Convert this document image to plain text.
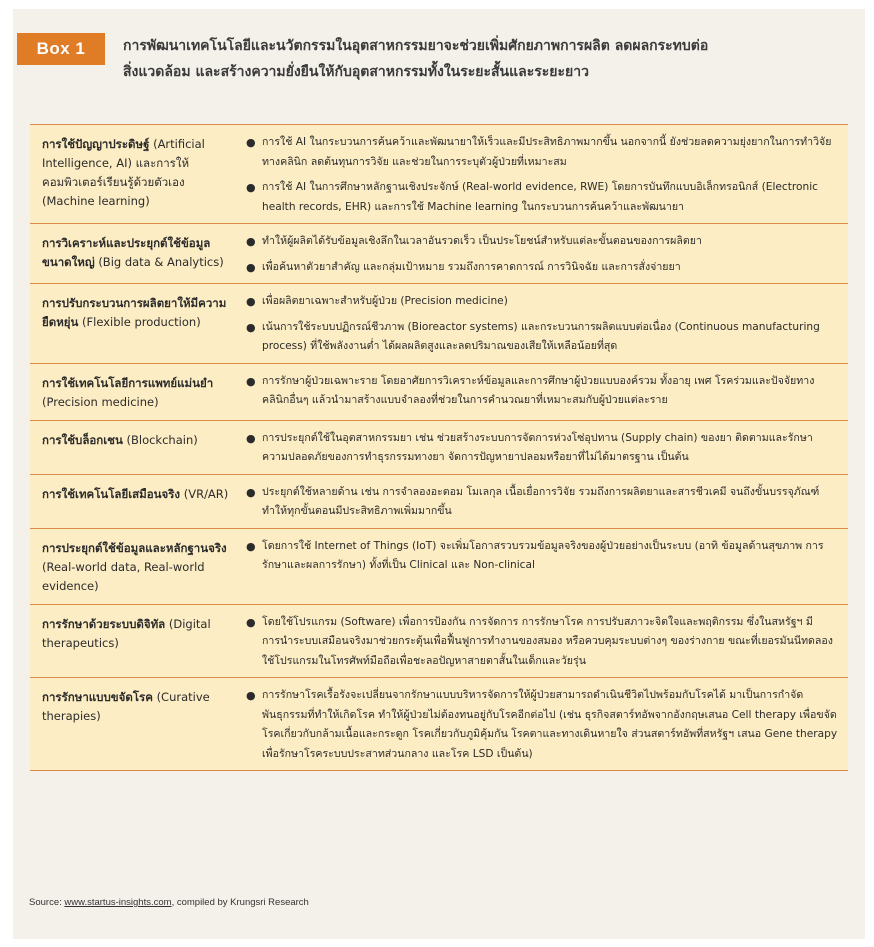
Box 1	การพัฒนาเทคโนโลยีและนวัตกรรมในอุตสาหกรรมยาจะช่วยเพิ่มศักยภาพการผลิต ลดผลกระทบต่อ
สิ่งแวดล้อม และสร้างความยั่งยืนให้กับอุตสาหกรรมทั้งในระยะสั้นและระยะยาว
การใช้ปัญญาประดิษฐ์ (Artificial Intelligence, AI) และการให้คอมพิวเตอร์เรียนรู้ด้วยตัวเอง (Machine learning)
● การใช้ AI ในกระบวนการค้นคว้าและพัฒนายาให้เร็วและมีประสิทธิภาพมากขึ้น นอกจากนี้ ยังช่วยลดความยุ่งยากในการทำวิจัยทางคลินิก ลดต้นทุนการวิจัย และช่วยในการระบุตัวผู้ป่วยที่เหมาะสม
● การใช้ AI ในการศึกษาหลักฐานเชิงประจักษ์ (Real-world evidence, RWE) โดยการบันทึกแบบอิเล็กทรอนิกส์ (Electronic health records, EHR) และการใช้ Machine learning ในกระบวนการค้นคว้าและพัฒนายา
การวิเคราะห์และประยุกต์ใช้ข้อมูลขนาดใหญ่ (Big data & Analytics)
● ทำให้ผู้ผลิตได้รับข้อมูลเชิงลึกในเวลาอันรวดเร็ว เป็นประโยชน์สำหรับแต่ละขั้นตอนของการผลิตยา
● เพื่อค้นหาตัวยาสำคัญ และกลุ่มเป้าหมาย รวมถึงการคาดการณ์ การวินิจฉัย และการสั่งจ่ายยา
การปรับกระบวนการผลิตยาให้มีความยืดหยุ่น (Flexible production)
● เพื่อผลิตยาเฉพาะสำหรับผู้ป่วย (Precision medicine)
● เน้นการใช้ระบบปฏิกรณ์ชีวภาพ (Bioreactor systems) และกระบวนการผลิตแบบต่อเนื่อง (Continuous manufacturing process) ที่ใช้พลังงานต่ำ ได้ผลผลิตสูงและลดปริมาณของเสียให้เหลือน้อยที่สุด
การใช้เทคโนโลยีการแพทย์แม่นยำ (Precision medicine)
● การรักษาผู้ป่วยเฉพาะราย โดยอาศัยการวิเคราะห์ข้อมูลและการศึกษาผู้ป่วยแบบองค์รวม ทั้งอายุ เพศ โรคร่วมและปัจจัยทางคลินิกอื่นๆ แล้วนำมาสร้างแบบจำลองที่ช่วยในการคำนวณยาที่เหมาะสมกับผู้ป่วยแต่ละราย
การใช้บล็อกเชน (Blockchain)	● การประยุกต์ใช้ในอุตสาหกรรมยา เช่น ช่วยสร้างระบบการจัดการห่วงโซ่อุปทาน (Supply chain) ของยา ติดตามและรักษาความปลอดภัยของการทำธุรกรรมทางยา จัดการปัญหายาปลอมหรือยาที่ไม่ได้มาตรฐาน เป็นต้น
การใช้เทคโนโลยีเสมือนจริง (VR/AR)	● ประยุกต์ใช้หลายด้าน เช่น การจำลองอะตอม โมเลกุล เนื้อเยื่อการวิจัย รวมถึงการผลิตยาและสารชีวเคมี จนถึงขั้นบรรจุภัณฑ์ ทำให้ทุกขั้นตอนมีประสิทธิภาพเพิ่มมากขึ้น
การประยุกต์ใช้ข้อมูลและหลักฐานจริง (Real-world data, Real-world evidence)
● โดยการใช้ Internet of Things (IoT) จะเพิ่มโอกาสรวบรวมข้อมูลจริงของผู้ป่วยอย่างเป็นระบบ (อาทิ ข้อมูลด้านสุขภาพ การรักษาและผลการรักษา) ทั้งที่เป็น Clinical และ Non-clinical
การรักษาด้วยระบบดิจิทัล (Digital therapeutics)
● โดยใช้โปรแกรม (Software) เพื่อการป้องกัน การจัดการ การรักษาโรค การปรับสภาวะจิตใจและพฤติกรรม ซึ่งในสหรัฐฯ มีการนำระบบเสมือนจริงมาช่วยกระตุ้นเพื่อฟื้นฟูการทำงานของสมอง หรือควบคุมระบบต่างๆ ของร่างกาย ขณะที่เยอรมันนีทดลองใช้โปรแกรมในโทรศัพท์มือถือเพื่อชะลอปัญหาสายตาสั้นในเด็กและวัยรุ่น
การรักษาแบบขจัดโรค (Curative therapies)
● การรักษาโรคเรื้อรังจะเปลี่ยนจากรักษาแบบบริหารจัดการให้ผู้ป่วยสามารถดำเนินชีวิตไปพร้อมกับโรคได้ มาเป็นการกำจัดพันธุกรรมที่ทำให้เกิดโรค ทำให้ผู้ป่วยไม่ต้องทนอยู่กับโรคอีกต่อไป (เช่น ธุรกิจสตาร์ทอัพจากอังกฤษเสนอ Cell therapy เพื่อขจัดโรคเกี่ยวกับกล้ามเนื้อและกระดูก โรคเกี่ยวกับภูมิคุ้มกัน โรคตาและทางเดินหายใจ ส่วนสตาร์ทอัพที่สหรัฐฯ เสนอ Gene therapy เพื่อรักษาโรคระบบประสาทส่วนกลาง และโรค LSD เป็นต้น)
Source: www.startus-insights.com, compiled by Krungsri Research
